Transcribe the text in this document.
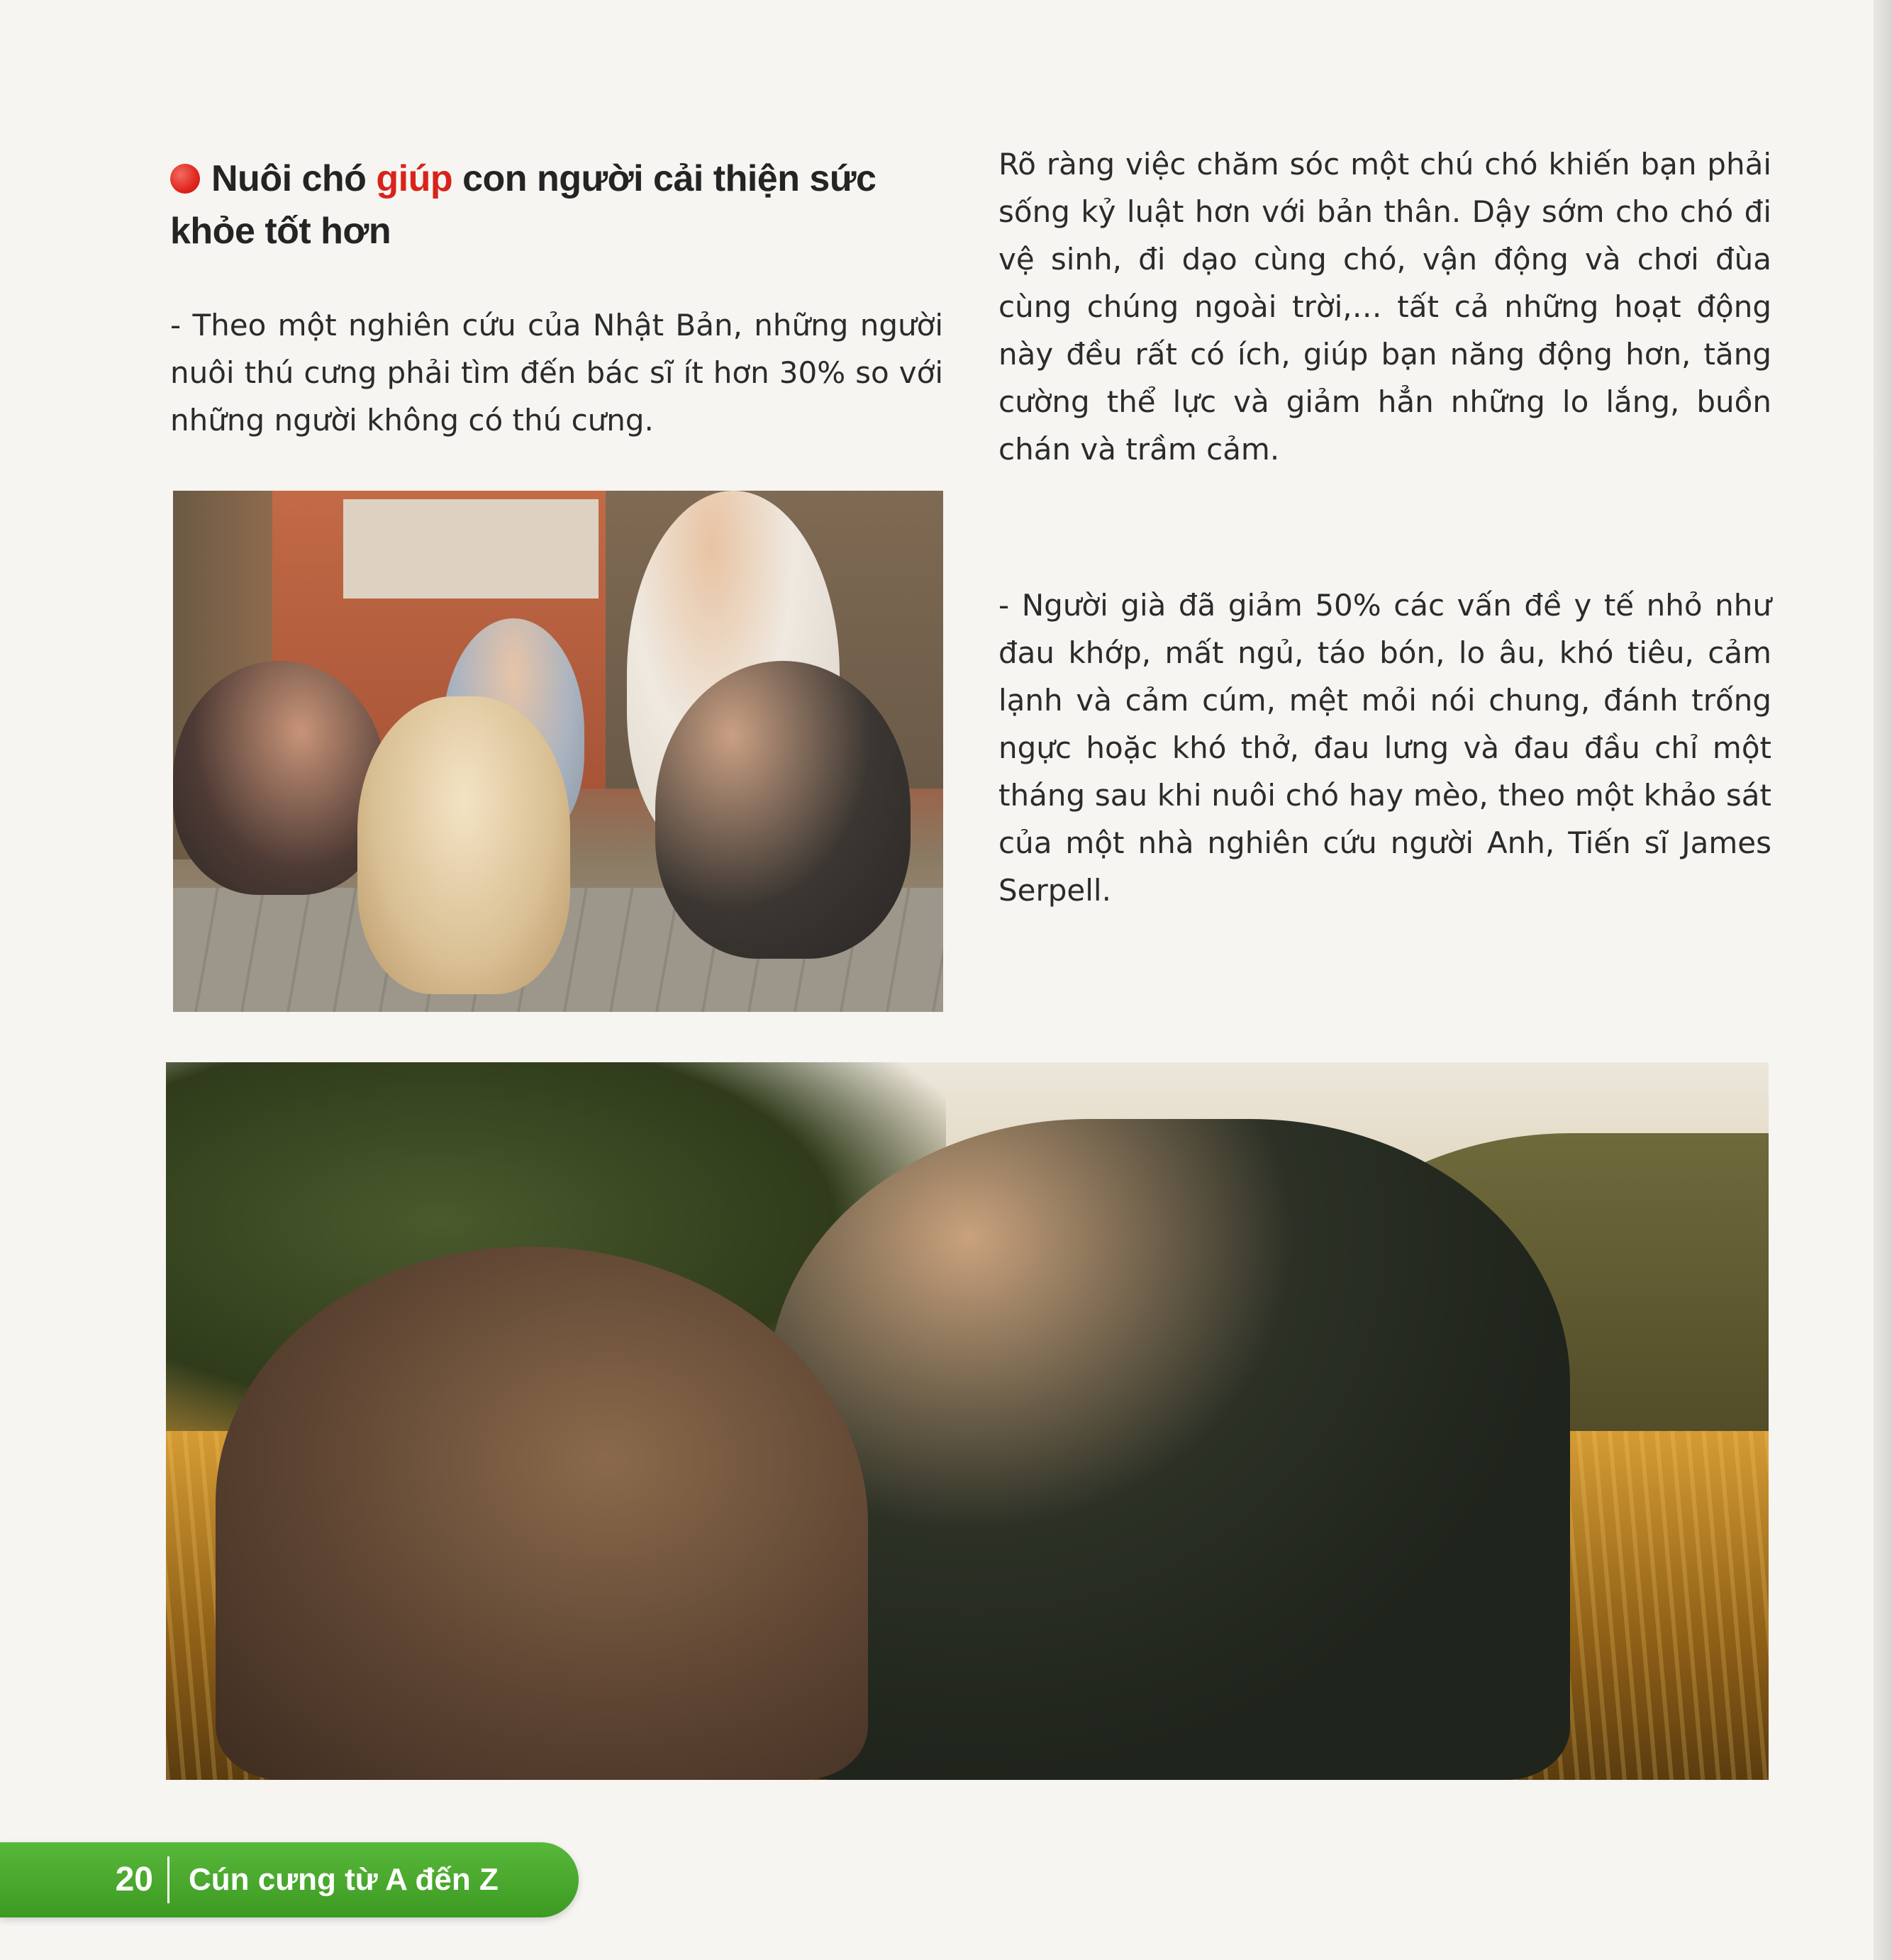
Nuôi chó giúp con người cải thiện sức khỏe tốt hơn

- Theo một nghiên cứu của Nhật Bản, những người nuôi thú cưng phải tìm đến bác sĩ ít hơn 30% so với những người không có thú cưng.

Rõ ràng việc chăm sóc một chú chó khiến bạn phải sống kỷ luật hơn với bản thân. Dậy sớm cho chó đi vệ sinh, đi dạo cùng chó, vận động và chơi đùa cùng chúng ngoài trời,… tất cả những hoạt động này đều rất có ích, giúp bạn năng động hơn, tăng cường thể lực và giảm hẳn những lo lắng, buồn chán và trầm cảm.

- Người già đã giảm 50% các vấn đề y tế nhỏ như đau khớp, mất ngủ, táo bón, lo âu, khó tiêu, cảm lạnh và cảm cúm, mệt mỏi nói chung, đánh trống ngực hoặc khó thở, đau lưng và đau đầu chỉ một tháng sau khi nuôi chó hay mèo, theo một khảo sát của một nhà nghiên cứu người Anh, Tiến sĩ James Serpell.

20 Cún cưng từ A đến Z
